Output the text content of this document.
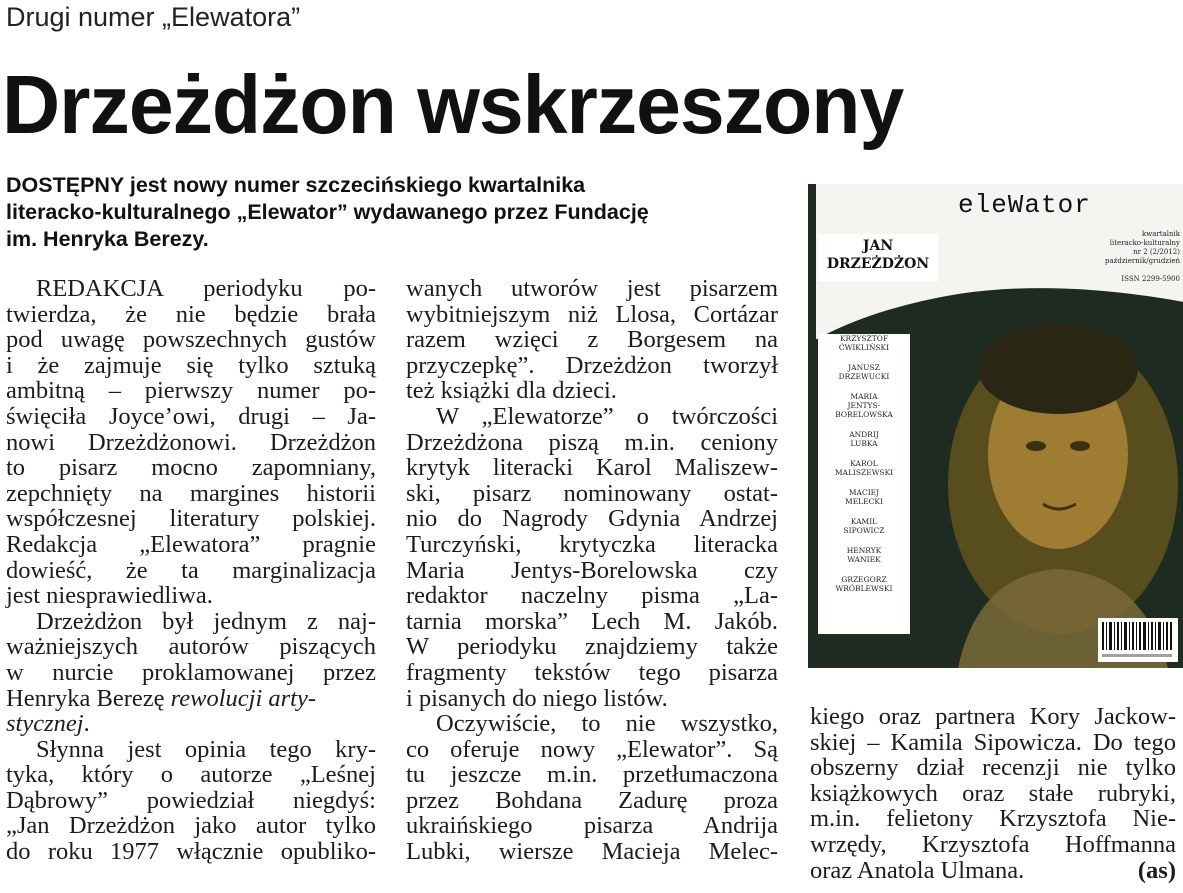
Drugi numer „Elewatora”
Drzeżdżon wskrzeszony
DOSTĘPNY jest nowy numer szczecińskiego kwartalnika
literacko-kulturalnego „Elewator” wydawanego przez Fundację
im. Henryka Berezy.
REDAKCJA periodyku po-
twierdza, że nie będzie brała
pod uwagę powszechnych gustów
i że zajmuje się tylko sztuką
ambitną – pierwszy numer po-
święciła Joyce’owi, drugi – Ja-
nowi Drzeżdżonowi. Drzeżdżon
to pisarz mocno zapomniany,
zepchnięty na margines historii
współczesnej literatury polskiej.
Redakcja „Elewatora” pragnie
dowieść, że ta marginalizacja
jest niesprawiedliwa.
Drzeżdżon był jednym z naj-
ważniejszych autorów piszących
w nurcie proklamowanej przez
Henryka Berezę rewolucji arty-
stycznej.
Słynna jest opinia tego kry-
tyka, który o autorze „Leśnej
Dąbrowy” powiedział niegdyś:
„Jan Drzeżdżon jako autor tylko
do roku 1977 włącznie opubliko-
wanych utworów jest pisarzem
wybitniejszym niż Llosa, Cortázar
razem wzięci z Borgesem na
przyczepkę”. Drzeżdżon tworzył
też książki dla dzieci.
W „Elewatorze” o twórczości
Drzeżdżona piszą m.in. ceniony
krytyk literacki Karol Maliszew-
ski, pisarz nominowany ostat-
nio do Nagrody Gdynia Andrzej
Turczyński, krytyczka literacka
Maria Jentys-Borelowska czy
redaktor naczelny pisma „La-
tarnia morska” Lech M. Jakób.
W periodyku znajdziemy także
fragmenty tekstów tego pisarza
i pisanych do niego listów.
Oczywiście, to nie wszystko,
co oferuje nowy „Elewator”. Są
tu jeszcze m.in. przetłumaczona
przez Bohdana Zadurę proza
ukraińskiego pisarza Andrija
Lubki, wiersze Macieja Melec-
eleWator
kwartalnik
literacko-kulturalny
nr 2 (2/2012)
październik/grudzień
ISSN 2299-5900
JAN
DRZEŻDŻON
KRZYSZTOF
ĆWIKLIŃSKI
JANUSZ
DRZEWUCKI
MARIA
JENTYS-
BORELOWSKA
ANDRIJ
LUBKA
KAROL
MALISZEWSKI
MACIEJ
MELECKI
KAMIL
SIPOWICZ
HENRYK
WANIEK
GRZEGORZ
WRÓBLEWSKI
kiego oraz partnera Kory Jackow-
skiej – Kamila Sipowicza. Do tego
obszerny dział recenzji nie tylko
książkowych oraz stałe rubryki,
m.in. felietony Krzysztofa Nie-
wrzędy, Krzysztofa Hoffmanna
oraz Anatola Ulmana.	(as)
